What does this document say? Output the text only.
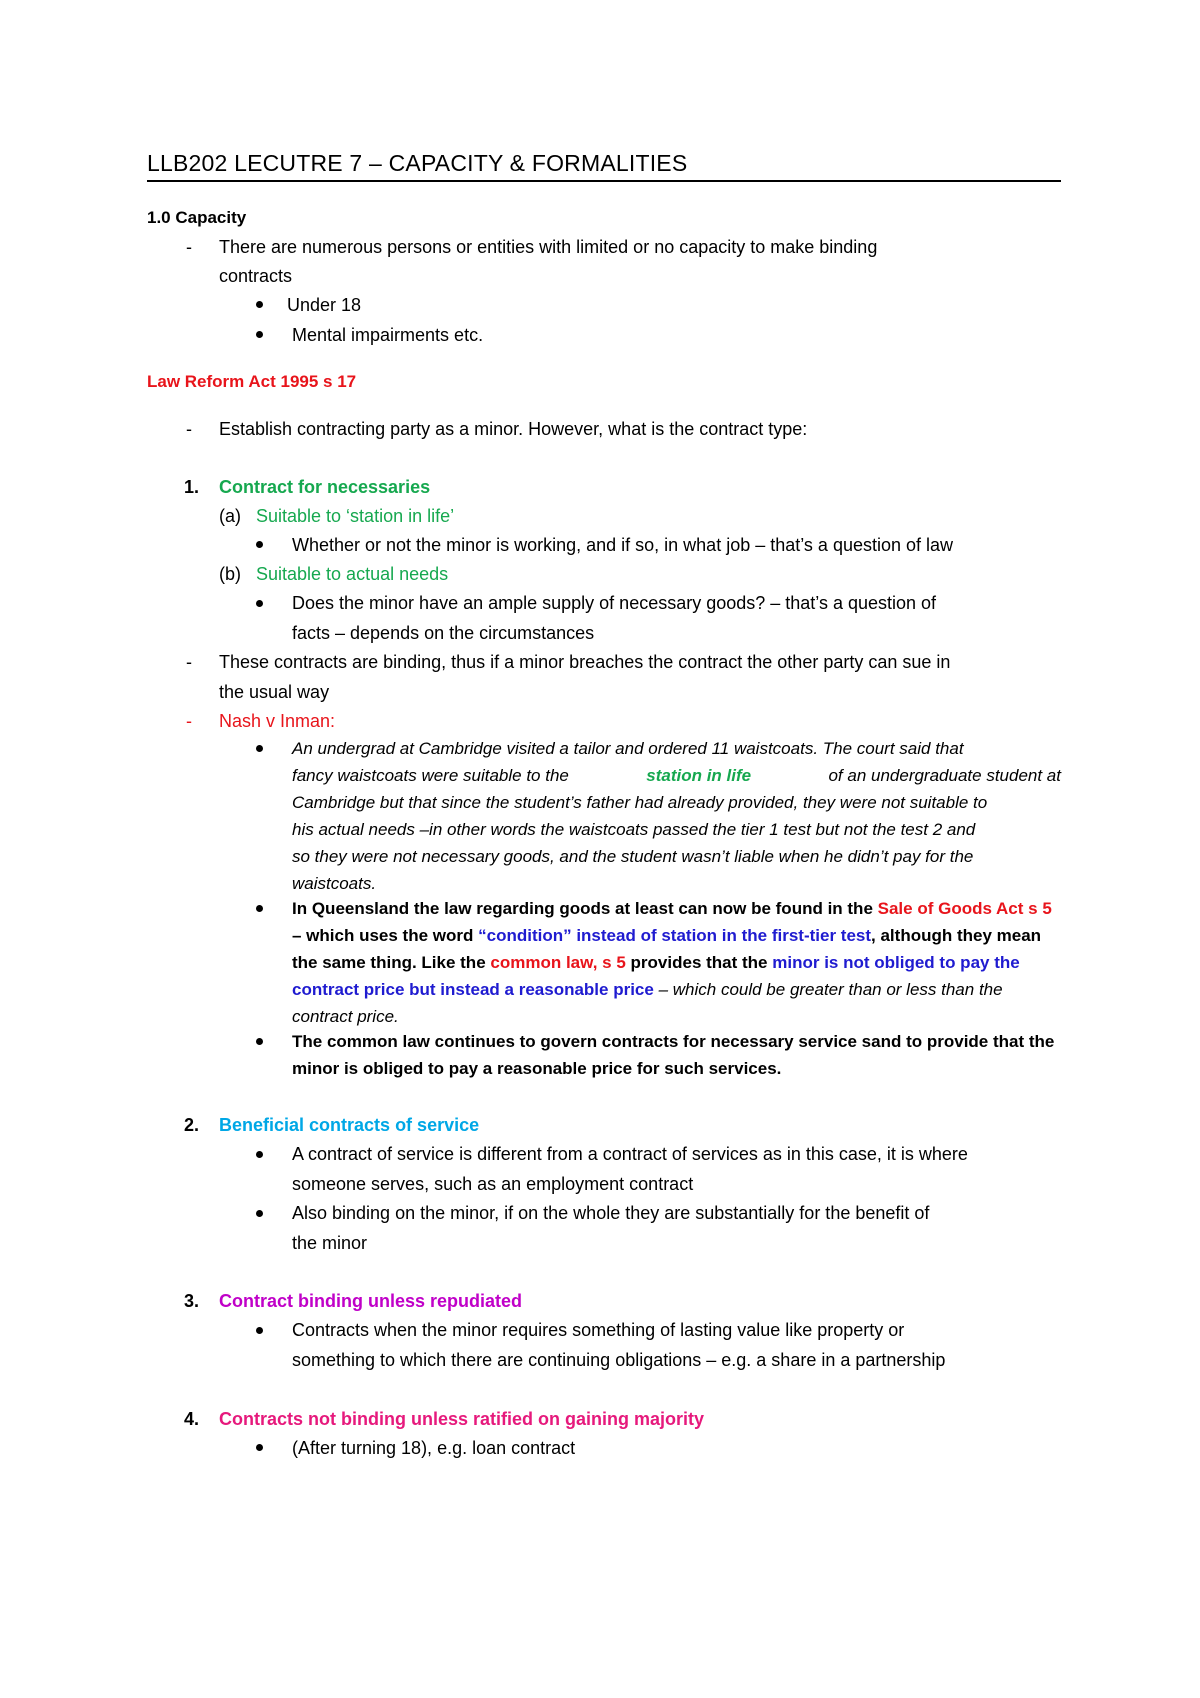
LLB202 LECUTRE 7 – CAPACITY & FORMALITIES
1.0 Capacity
- There are numerous persons or entities with limited or no capacity to make binding
contracts
Under 18
Mental impairments etc.
Law Reform Act 1995 s 17
- Establish contracting party as a minor. However, what is the contract type:
1. Contract for necessaries
(a) Suitable to ‘station in life’
Whether or not the minor is working, and if so, in what job – that’s a question of law
(b) Suitable to actual needs
Does the minor have an ample supply of necessary goods? – that’s a question of
facts – depends on the circumstances
- These contracts are binding, thus if a minor breaches the contract the other party can sue in
the usual way
- Nash v Inman:
An undergrad at Cambridge visited a tailor and ordered 11 waistcoats. The court said that
fancy waistcoats were suitable to the	station in life	of an undergraduate student at
Cambridge but that since the student’s father had already provided, they were not suitable to
his actual needs –in other words the waistcoats passed the tier 1 test but not the test 2 and
so they were not necessary goods, and the student wasn’t liable when he didn’t pay for the
waistcoats.
In Queensland the law regarding goods at least can now be found in the Sale of Goods Act s 5
– which uses the word “condition” instead of station in the first-tier test, although they mean
the same thing. Like the common law, s 5 provides that the minor is not obliged to pay the
contract price but instead a reasonable price – which could be greater than or less than the
contract price.
The common law continues to govern contracts for necessary service sand to provide that the
minor is obliged to pay a reasonable price for such services.
2. Beneficial contracts of service
A contract of service is different from a contract of services as in this case, it is where
someone serves, such as an employment contract
Also binding on the minor, if on the whole they are substantially for the benefit of
the minor
3. Contract binding unless repudiated
Contracts when the minor requires something of lasting value like property or
something to which there are continuing obligations – e.g. a share in a partnership
4. Contracts not binding unless ratified on gaining majority
(After turning 18), e.g. loan contract
